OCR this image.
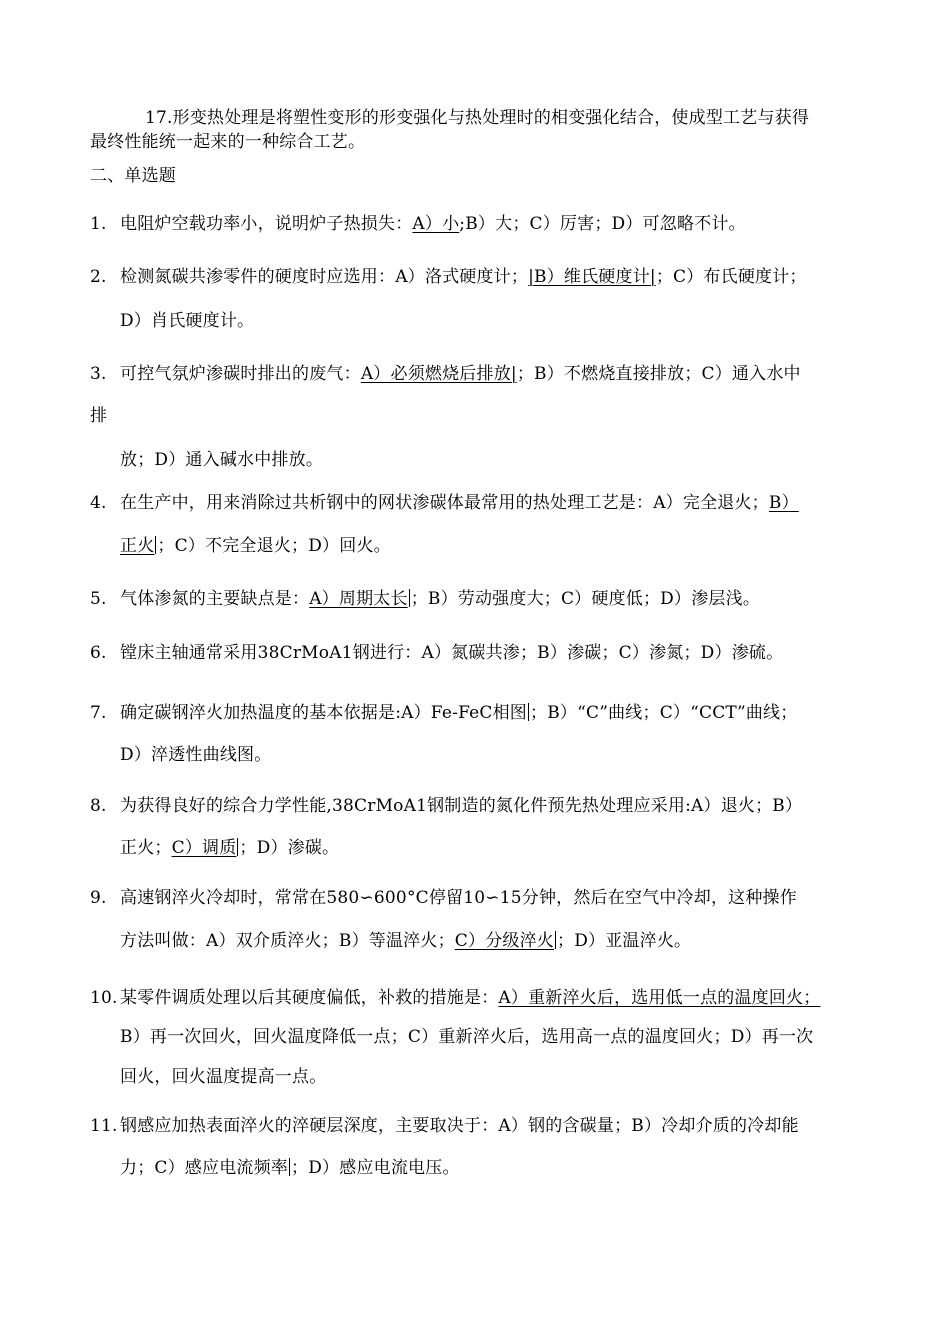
17.形变热处理是将塑性变形的形变强化与热处理时的相变强化结合，使成型工艺与获得
最终性能统一起来的一种综合工艺。
二、单选题
1. 电阻炉空载功率小，说明炉子热损失：A）小;B）大；C）厉害；D）可忽略不计。
2. 检测氮碳共渗零件的硬度时应选用：A）洛式硬度计；|B）维氏硬度计|；C）布氏硬度计；
D）肖氏硬度计。
3. 可控气氛炉渗碳时排出的废气：A）必须燃烧后排放|；B）不燃烧直接排放；C）通入水中
排
放；D）通入碱水中排放。
4. 在生产中，用来消除过共析钢中的网状渗碳体最常用的热处理工艺是：A）完全退火；B）
正火 ；C）不完全退火；D）回火。
5. 气体渗氮的主要缺点是：A）周期太长 ；B）劳动强度大；C）硬度低；D）渗层浅。
6. 镗床主轴通常采用38CrMoA1钢进行：A）氮碳共渗；B）渗碳；C）渗氮；D）渗硫。
7. 确定碳钢淬火加热温度的基本依据是:A）Fe-FeC相图 ；B）“C”曲线；C）“CCT”曲线；
D）淬透性曲线图。
8. 为获得良好的综合力学性能,38CrMoA1钢制造的氮化件预先热处理应采用:A）退火；B）
正火；C）调质 ；D）渗碳。
9. 高速钢淬火冷却时，常常在580∽600°C停留10∽15分钟，然后在空气中冷却，这种操作
方法叫做：A）双介质淬火；B）等温淬火；C）分级淬火 ；D）亚温淬火。
10. 某零件调质处理以后其硬度偏低，补救的措施是：A）重新淬火后，选用低一点的温度回火；
B）再一次回火，回火温度降低一点；C）重新淬火后，选用高一点的温度回火；D）再一次
回火，回火温度提高一点。
11. 钢感应加热表面淬火的淬硬层深度，主要取决于：A）钢的含碳量；B）冷却介质的冷却能
力；C）感应电流频率 ；D）感应电流电压。
